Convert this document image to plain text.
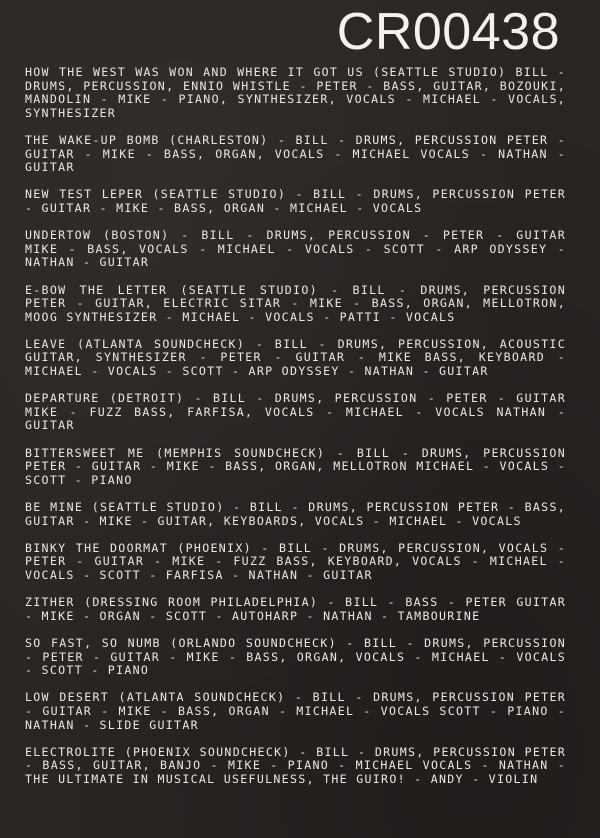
CR00438
HOW THE WEST WAS WON AND WHERE IT GOT US (SEATTLE STUDIO) BILL - DRUMS, PERCUSSION, ENNIO WHISTLE - PETER - BASS, GUITAR, BOZOUKI, MANDOLIN - MIKE - PIANO, SYNTHESIZER, VOCALS - MICHAEL - VOCALS, SYNTHESIZER
THE WAKE-UP BOMB (CHARLESTON) - BILL - DRUMS, PERCUSSION PETER - GUITAR - MIKE - BASS, ORGAN, VOCALS - MICHAEL VOCALS - NATHAN - GUITAR
NEW TEST LEPER (SEATTLE STUDIO) - BILL - DRUMS, PERCUSSION PETER - GUITAR - MIKE - BASS, ORGAN - MICHAEL - VOCALS
UNDERTOW (BOSTON) - BILL - DRUMS, PERCUSSION - PETER - GUITAR MIKE - BASS, VOCALS - MICHAEL - VOCALS - SCOTT - ARP ODYSSEY - NATHAN - GUITAR
E-BOW THE LETTER (SEATTLE STUDIO) - BILL - DRUMS, PERCUSSION PETER - GUITAR, ELECTRIC SITAR - MIKE - BASS, ORGAN, MELLOTRON, MOOG SYNTHESIZER - MICHAEL - VOCALS - PATTI - VOCALS
LEAVE (ATLANTA SOUNDCHECK) - BILL - DRUMS, PERCUSSION, ACOUSTIC GUITAR, SYNTHESIZER - PETER - GUITAR - MIKE BASS, KEYBOARD - MICHAEL - VOCALS - SCOTT - ARP ODYSSEY - NATHAN - GUITAR
DEPARTURE (DETROIT) - BILL - DRUMS, PERCUSSION - PETER - GUITAR MIKE - FUZZ BASS, FARFISA, VOCALS - MICHAEL - VOCALS NATHAN - GUITAR
BITTERSWEET ME (MEMPHIS SOUNDCHECK) - BILL - DRUMS, PERCUSSION PETER - GUITAR - MIKE - BASS, ORGAN, MELLOTRON MICHAEL - VOCALS - SCOTT - PIANO
BE MINE (SEATTLE STUDIO) - BILL - DRUMS, PERCUSSION PETER - BASS, GUITAR - MIKE - GUITAR, KEYBOARDS, VOCALS - MICHAEL - VOCALS
BINKY THE DOORMAT (PHOENIX) - BILL - DRUMS, PERCUSSION, VOCALS - PETER - GUITAR - MIKE - FUZZ BASS, KEYBOARD, VOCALS - MICHAEL - VOCALS - SCOTT - FARFISA - NATHAN - GUITAR
ZITHER (DRESSING ROOM PHILADELPHIA) - BILL - BASS - PETER GUITAR - MIKE - ORGAN - SCOTT - AUTOHARP - NATHAN - TAMBOURINE
SO FAST, SO NUMB (ORLANDO SOUNDCHECK) - BILL - DRUMS, PERCUSSION - PETER - GUITAR - MIKE - BASS, ORGAN, VOCALS - MICHAEL - VOCALS - SCOTT - PIANO
LOW DESERT (ATLANTA SOUNDCHECK) - BILL - DRUMS, PERCUSSION PETER - GUITAR - MIKE - BASS, ORGAN - MICHAEL - VOCALS SCOTT - PIANO - NATHAN - SLIDE GUITAR
ELECTROLITE (PHOENIX SOUNDCHECK) - BILL - DRUMS, PERCUSSION PETER - BASS, GUITAR, BANJO - MIKE - PIANO - MICHAEL VOCALS - NATHAN - THE ULTIMATE IN MUSICAL USEFULNESS, THE GUIRO! - ANDY - VIOLIN
